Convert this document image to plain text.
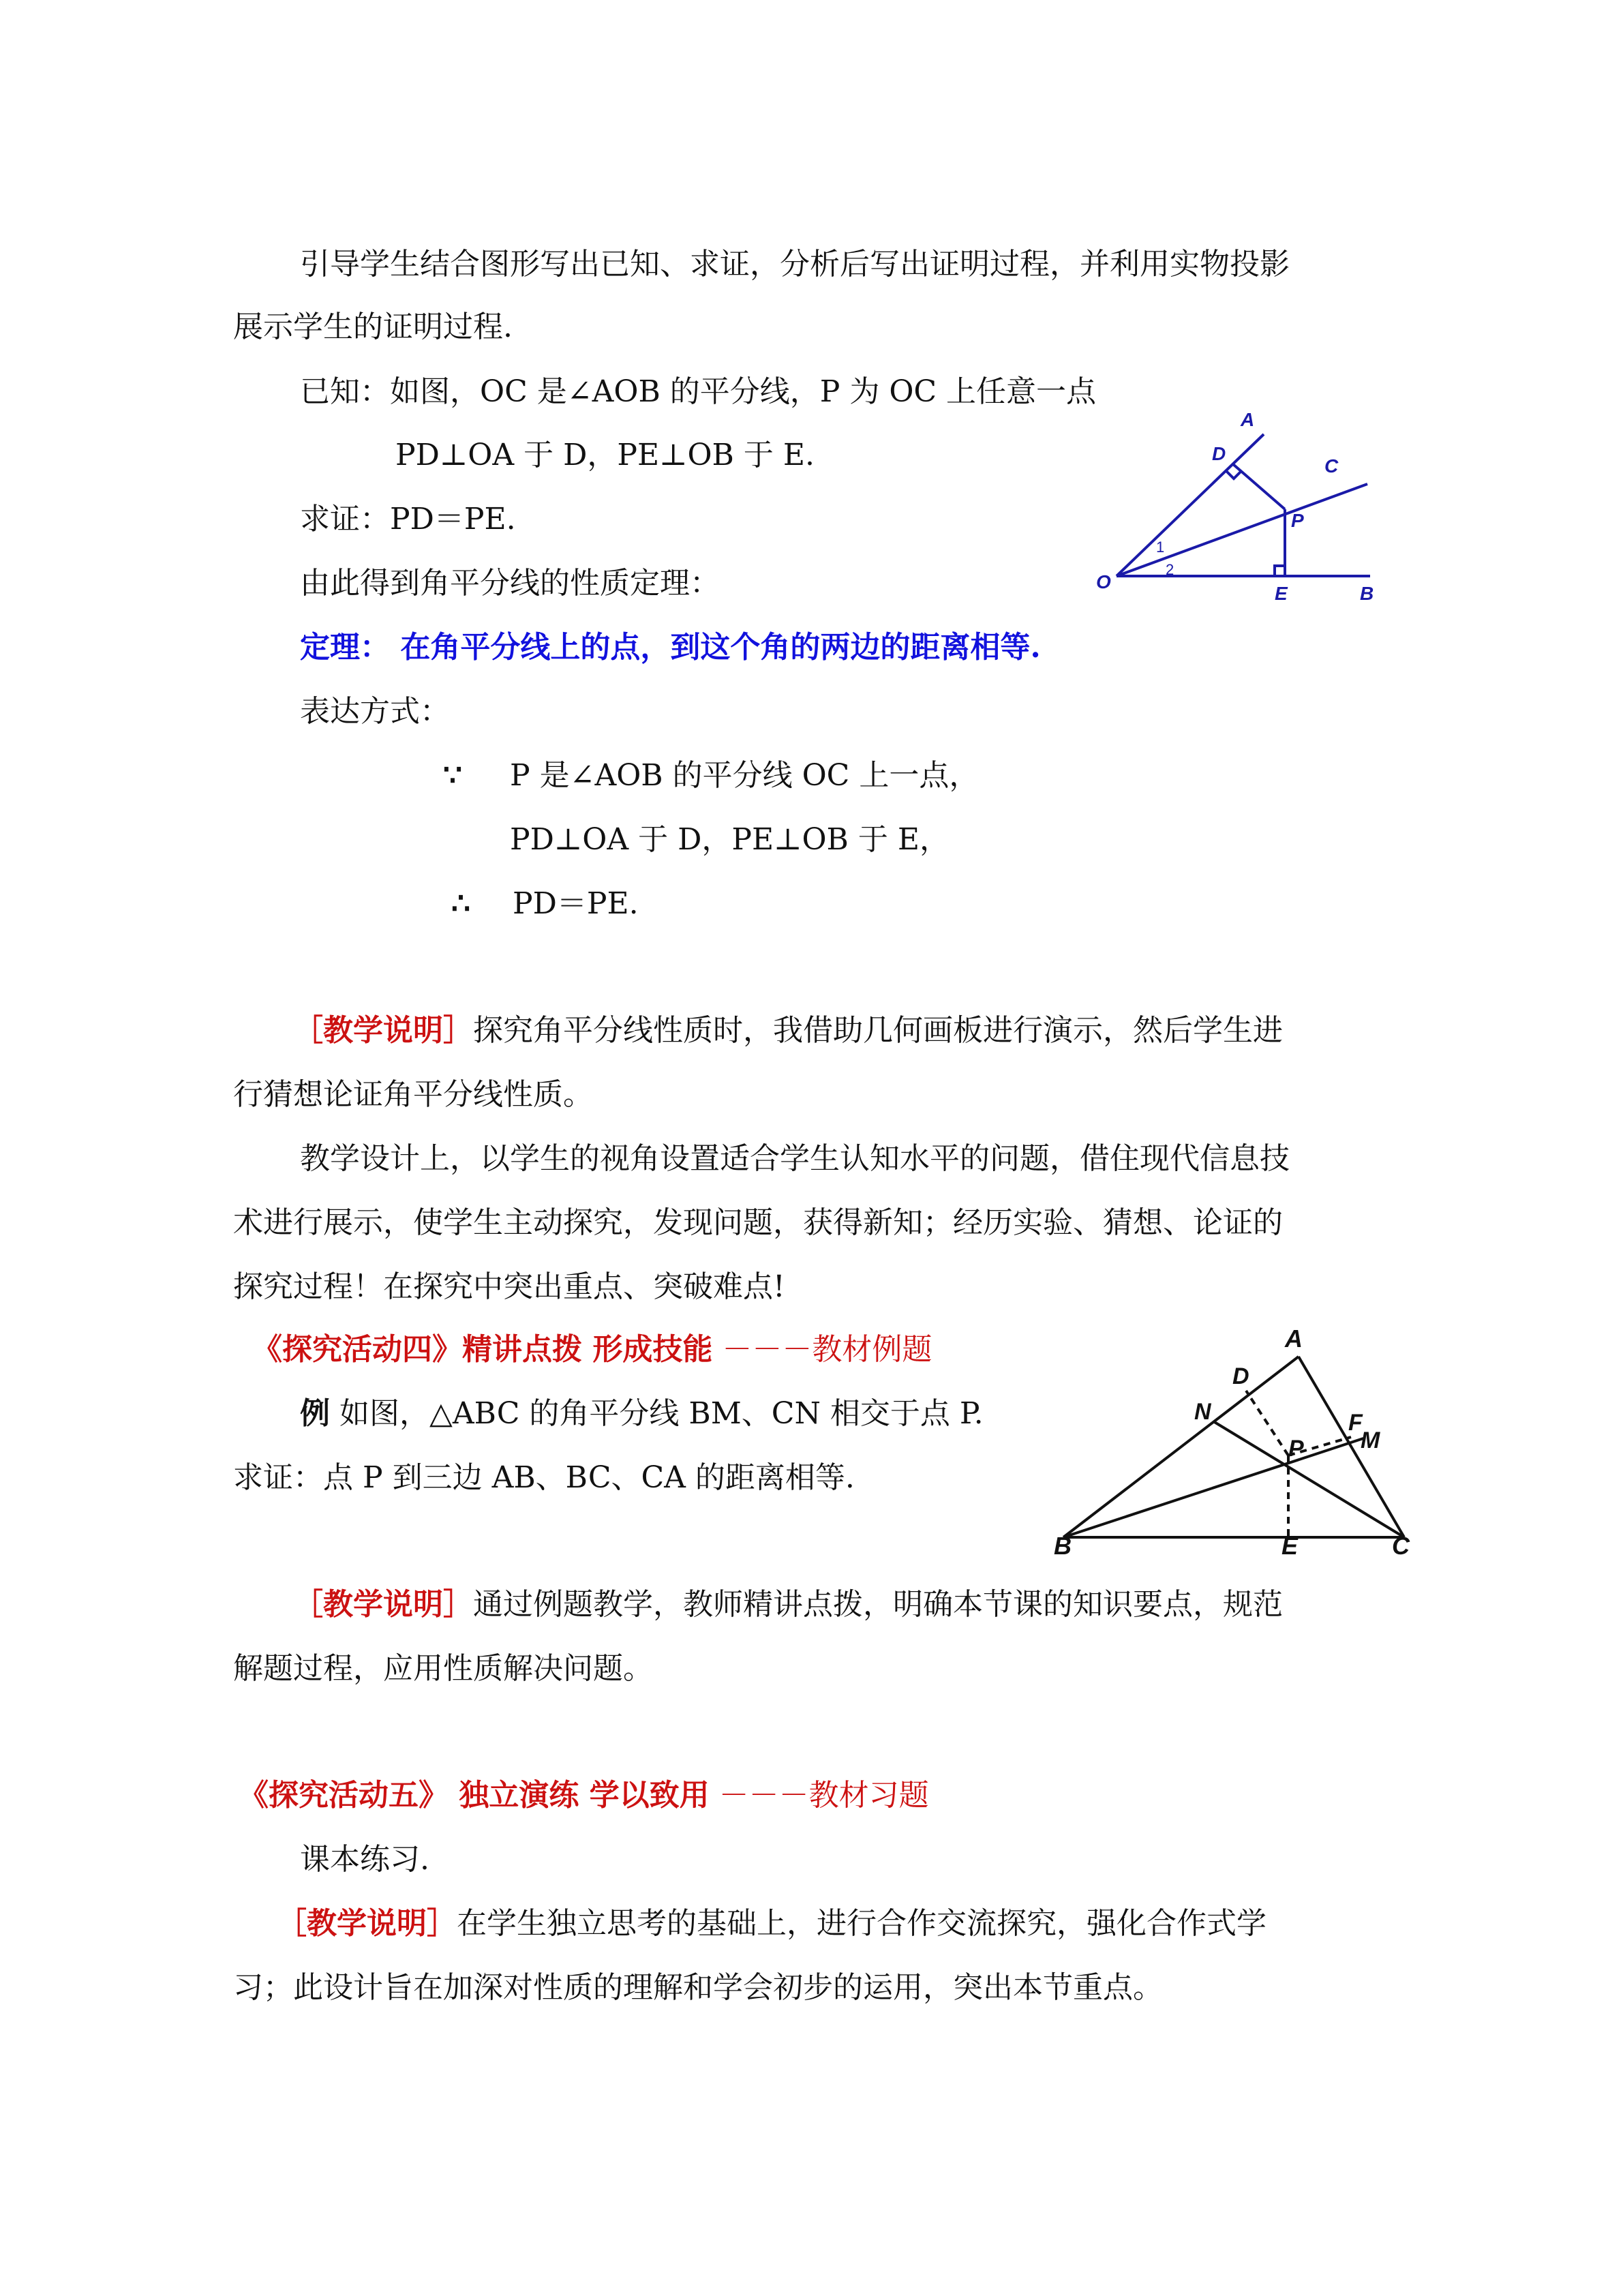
引导学生结合图形写出已知、求证，分析后写出证明过程，并利用实物投影
展示学生的证明过程.
已知：如图，OC 是∠AOB 的平分线，P 为 OC 上任意一点
PD⊥OA 于 D，PE⊥OB 于 E.
求证：PD＝PE.
由此得到角平分线的性质定理：
定理： 在角平分线上的点，到这个角的两边的距离相等.
A
D
C
P
O
E	B
1
2
表达方式：
∵ P 是∠AOB 的平分线 OC 上一点，
PD⊥OA 于 D，PE⊥OB 于 E，
∴ PD＝PE.
［教学说明］探究角平分线性质时，我借助几何画板进行演示，然后学生进
行猜想论证角平分线性质。
教学设计上，以学生的视角设置适合学生认知水平的问题，借住现代信息技
术进行展示，使学生主动探究，发现问题，获得新知；经历实验、猜想、论证的
探究过程！在探究中突出重点、突破难点!
《探究活动四》精讲点拨 形成技能 －－－教材例题
例 如图，△ABC 的角平分线 BM、CN 相交于点 P.
求证：点 P 到三边 AB、BC、CA 的距离相等.
A
D
N	F
M
P
B	E	C
［教学说明］通过例题教学，教师精讲点拨，明确本节课的知识要点，规范
解题过程，应用性质解决问题。
《探究活动五》 独立演练 学以致用 －－－教材习题
课本练习.
［教学说明］在学生独立思考的基础上，进行合作交流探究，强化合作式学
习；此设计旨在加深对性质的理解和学会初步的运用，突出本节重点。
